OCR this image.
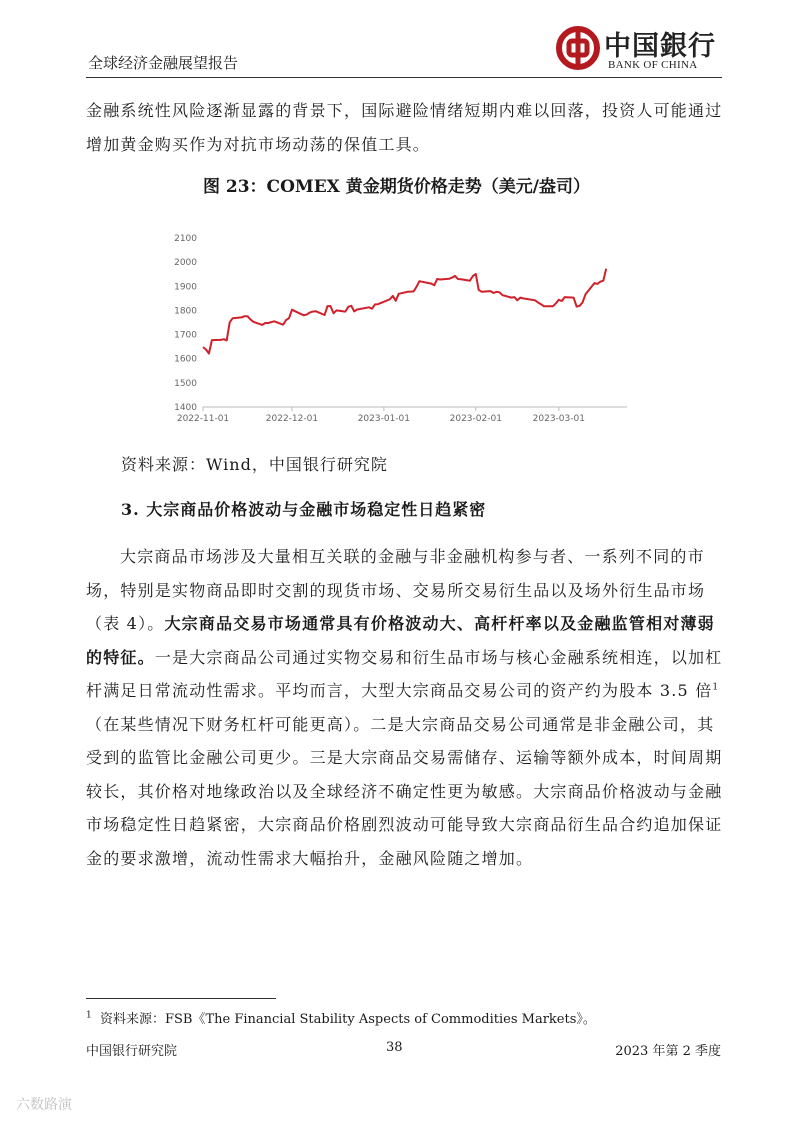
全球经济金融展望报告
中国銀行
BANK OF CHINA

金融系统性风险逐渐显露的背景下，国际避险情绪短期内难以回落，投资人可能通过增加黄金购买作为对抗市场动荡的保值工具。

图 23：COMEX 黄金期货价格走势（美元/盎司）

1400
1500
1600
1700
1800
1900
2000
2100
2022-11-01	2022-12-01	2023-01-01	2023-02-01	2023-03-01

资料来源：Wind，中国银行研究院

3. 大宗商品价格波动与金融市场稳定性日趋紧密

大宗商品市场涉及大量相互关联的金融与非金融机构参与者、一系列不同的市场，特别是实物商品即时交割的现货市场、交易所交易衍生品以及场外衍生品市场（表 4）。大宗商品交易市场通常具有价格波动大、高杆杆率以及金融监管相对薄弱的特征。一是大宗商品公司通过实物交易和衍生品市场与核心金融系统相连，以加杠杆满足日常流动性需求。平均而言，大型大宗商品交易公司的资产约为股本 3.5 倍$^1$（在某些情况下财务杠杆可能更高）。二是大宗商品交易公司通常是非金融公司，其受到的监管比金融公司更少。三是大宗商品交易需储存、运输等额外成本，时间周期较长，其价格对地缘政治以及全球经济不确定性更为敏感。大宗商品价格波动与金融市场稳定性日趋紧密，大宗商品价格剧烈波动可能导致大宗商品衍生品合约追加保证金的要求激增，流动性需求大幅抬升，金融风险随之增加。

$^1$ 资料来源：FSB《The Financial Stability Aspects of Commodities Markets》。

中国银行研究院	38	2023 年第 2 季度

六数路演
